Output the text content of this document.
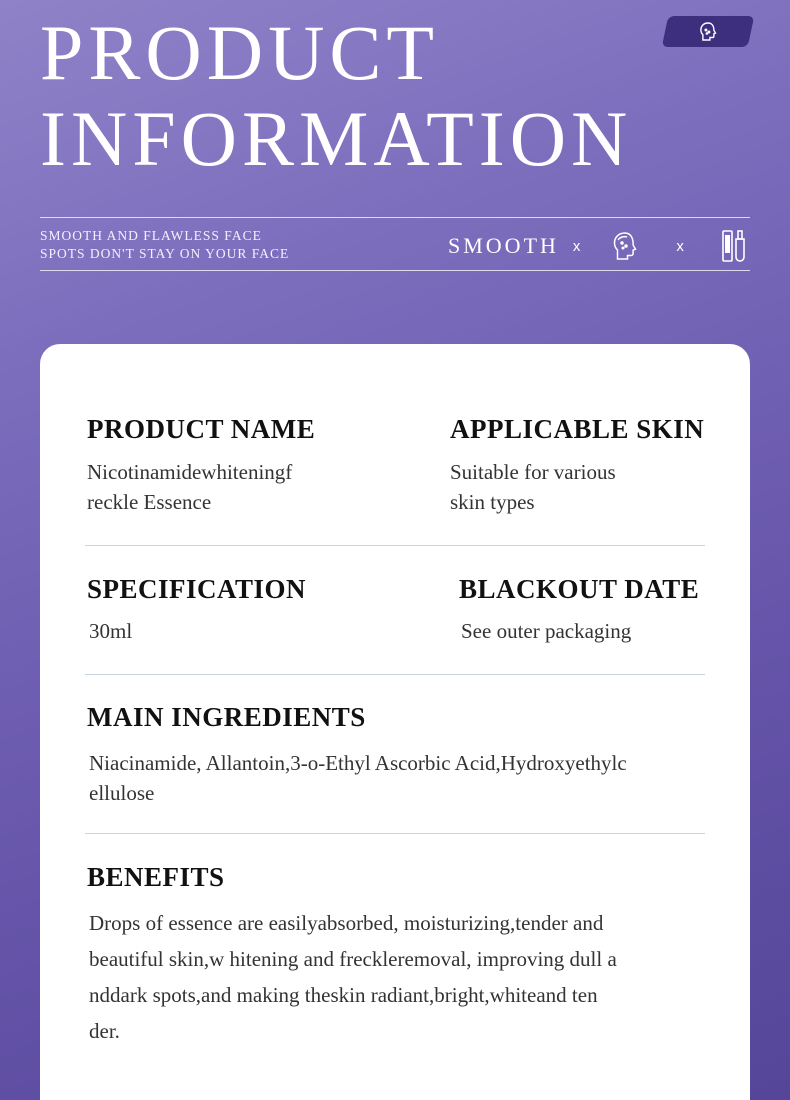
PRODUCT
INFORMATION
SMOOTH AND FLAWLESS FACE
SPOTS DON'T STAY ON YOUR FACE	SMOOTH x	x
PRODUCT NAME
Nicotinamidewhiteningf
reckle Essence
APPLICABLE SKIN
Suitable for various
skin types
SPECIFICATION
30ml
BLACKOUT DATE
See outer packaging
MAIN INGREDIENTS
Niacinamide, Allantoin,3-o-Ethyl Ascorbic Acid,Hydroxyethylc
ellulose
BENEFITS
Drops of essence are easilyabsorbed, moisturizing,tender and
beautiful skin,w hitening and freckleremoval, improving dull a
nddark spots,and making theskin radiant,bright,whiteand ten
der.
